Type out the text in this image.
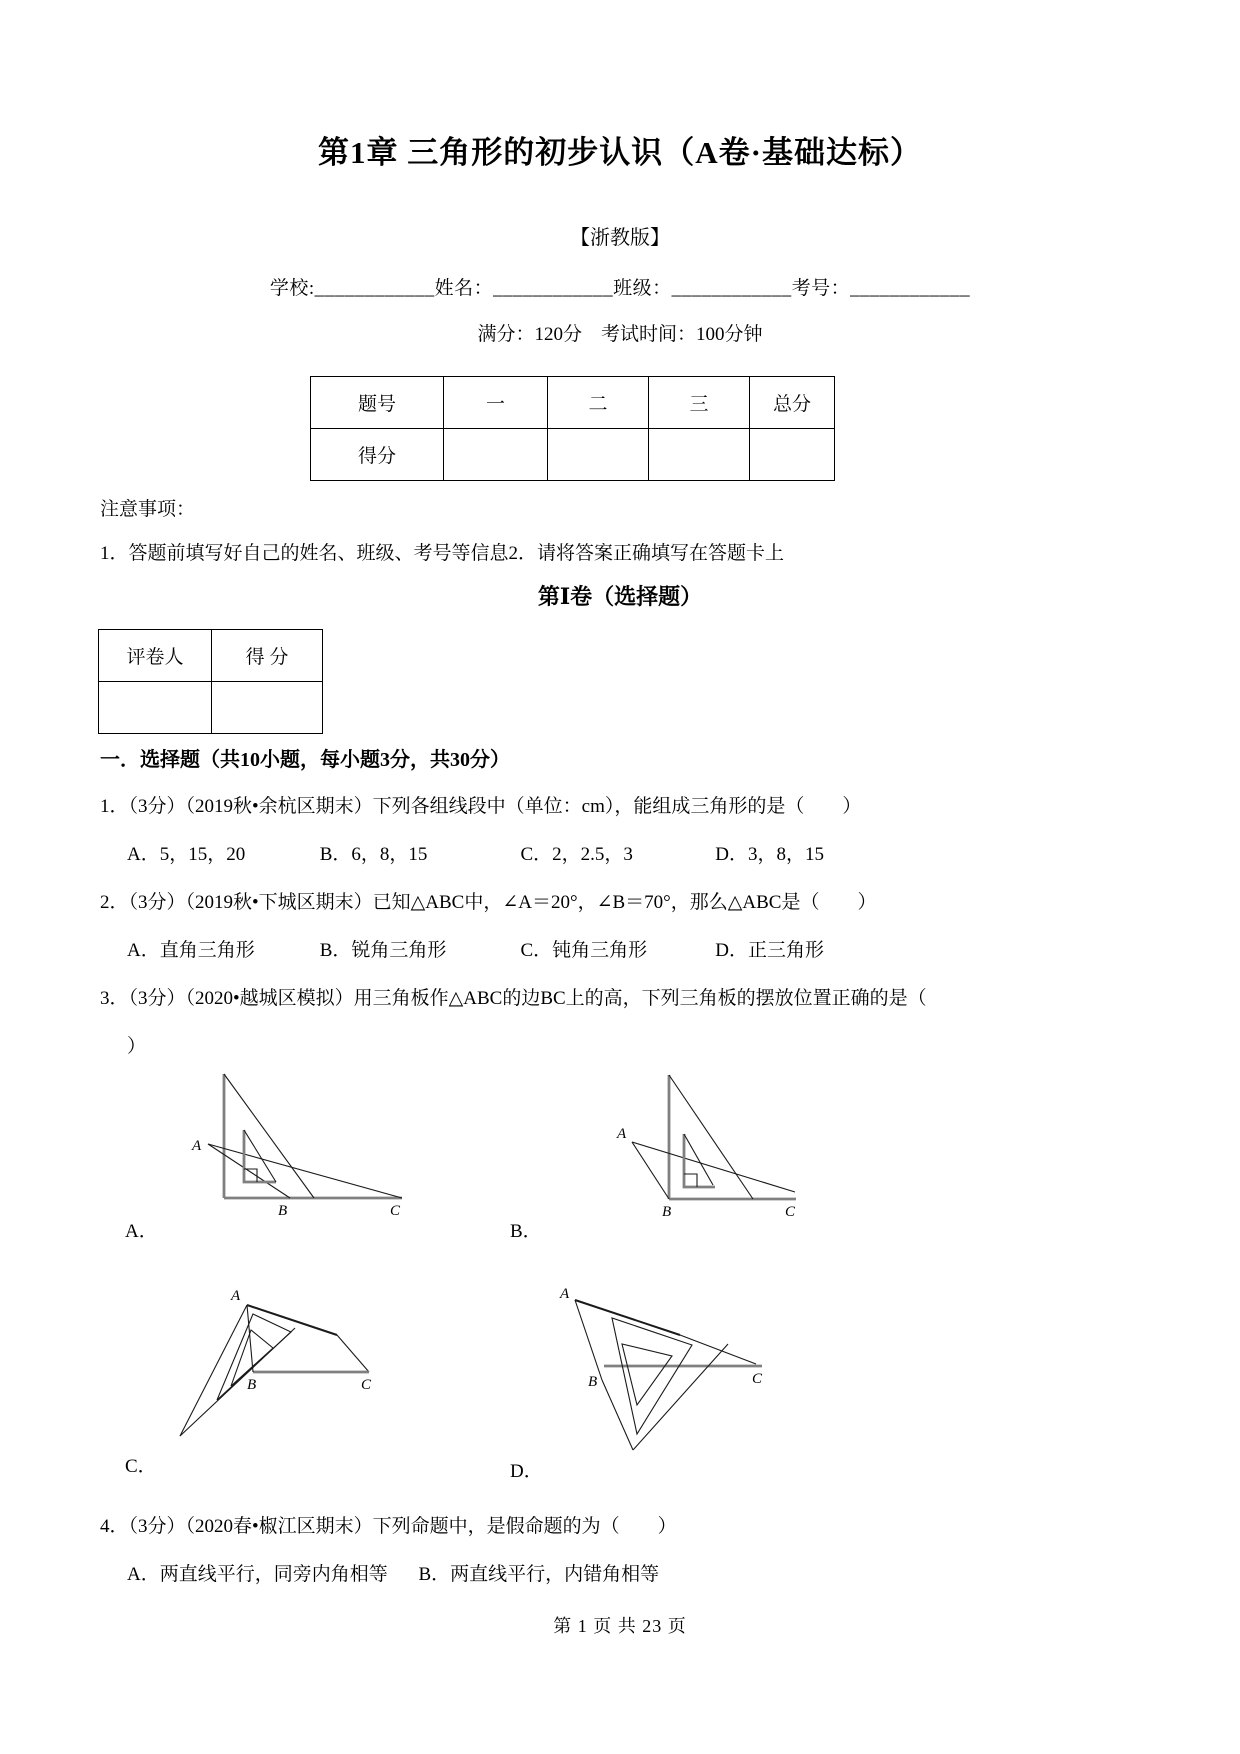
第1章 三角形的初步认识（A卷·基础达标）
【浙教版】
学校:____________姓名：____________班级：____________考号：____________
满分：120分　考试时间：100分钟
题号	一	二	三	总分
得分				
注意事项：
1．答题前填写好自己的姓名、班级、考号等信息2．请将答案正确填写在答题卡上
第Ⅰ卷（选择题）
评卷人	得 分

一．选择题（共10小题，每小题3分，共30分）
1．（3分）（2019秋•余杭区期末）下列各组线段中（单位：cm），能组成三角形的是（　　）
A．5，15，20	B．6，8，15	C．2，2.5，3	D．3，8，15
2．（3分）（2019秋•下城区期末）已知△ABC中，∠A＝20°，∠B＝70°，那么△ABC是（　　）
A．直角三角形	B．锐角三角形	C．钝角三角形	D．正三角形
3．（3分）（2020•越城区模拟）用三角板作△ABC的边BC上的高，下列三角板的摆放位置正确的是（
）
A
B	C
A．
A
B	C
B．
A
B	C
C．
A
B	C
D．
4．（3分）（2020春•椒江区期末）下列命题中，是假命题的为（　　）
A．两直线平行，同旁内角相等 B．两直线平行，内错角相等
第 1 页 共 23 页
